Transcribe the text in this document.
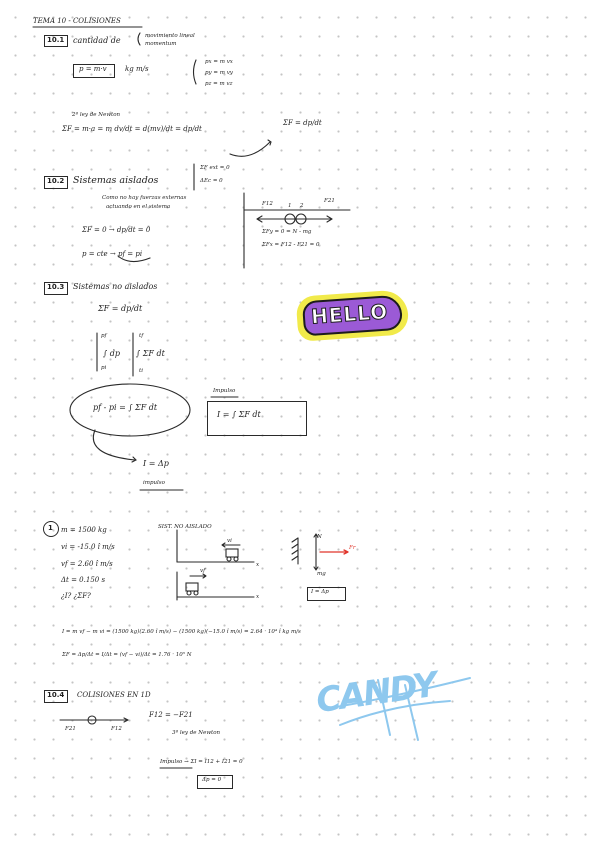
TEMA 10 - COLISIONES
10.1 cantidad de	movimiento lineal
momentum
p = m·v	kg m/s
px = m vx
py = m vy
pz = m vz
2ª ley de Newton
ΣF = m·a = m dv/dt = d(mv)/dt = dp/dt
ΣF = dp/dt
10.2 Sistemas aislados
ΣF ext = 0
ΔEc = 0
Como no hay fuerzas externas
actuando en el sistema
ΣF = 0 → dp/dt = 0
p = cte → pf = pi
F12	F21
1 2
ΣFy = 0 = N - mg
ΣFx = F12 - F21 = 0
10.3 Sistemas no aislados
ΣF = dp/dt
∫ dp ∫ ΣF dt
pi
pf
ti
tf
pf - pi = ∫ ΣF dt
Impulso
I = ∫ ΣF dt
I = Δp
impulso
HELLO
1 m = 1500 kg
vi = -15.0 î m/s
vf = 2.60 î m/s
Δt = 0.150 s
¿I? ¿ΣF?
SIST. NO AISLADO
vi
vf
x
x
Fr
N
mg
I = Δp
I = m vf − m vi = (1500 kg)(2.60 î m/s) − (1500 kg)(−15.0 î m/s) = 2.64 · 10⁴ î kg m/s
ΣF = Δp/Δt = I/Δt = (vf − vi)/Δt = 1.76 · 10⁵ N
10.4 COLISIONES EN 1D
F21	F12
F12 = −F21
3ª ley de Newton
Impulso → ΣI = I12 + I21 = 0
Δp = 0
CANDY
